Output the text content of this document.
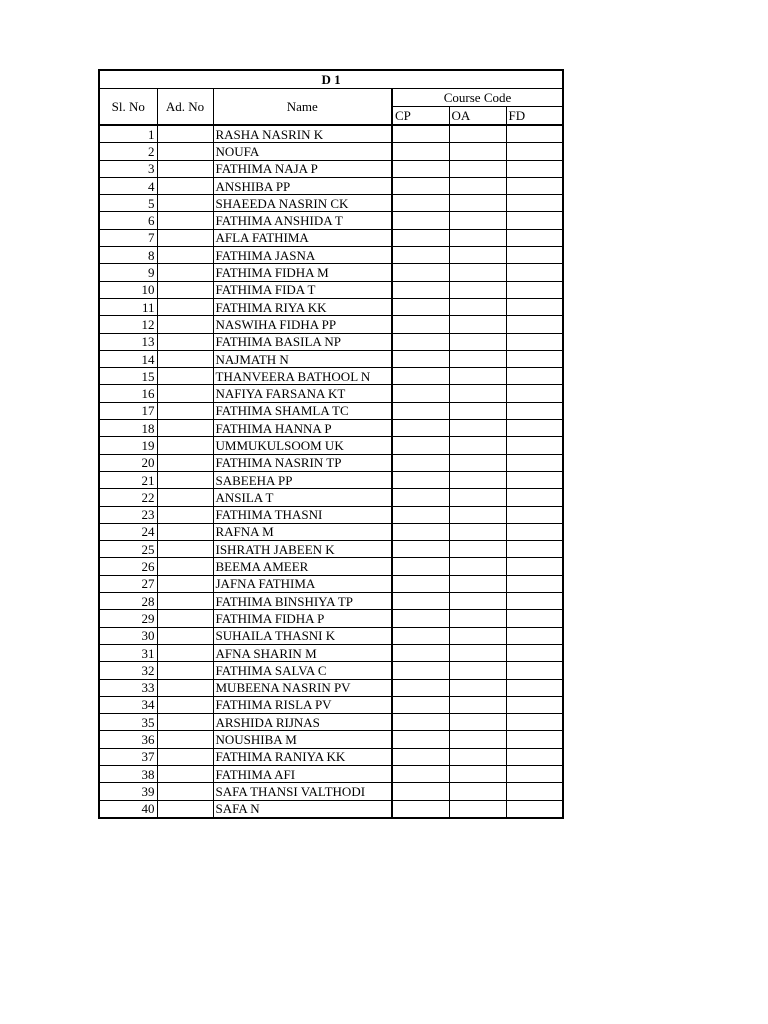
D 1					
Sl. No	Ad. No	Name	Course Code		
			CP	OA	FD
1		RASHA NASRIN K			
2		NOUFA			
3		FATHIMA NAJA P			
4		ANSHIBA PP			
5		SHAEEDA NASRIN CK			
6		FATHIMA ANSHIDA T			
7		AFLA FATHIMA			
8		FATHIMA JASNA			
9		FATHIMA FIDHA M			
10		FATHIMA FIDA T			
11		FATHIMA RIYA KK			
12		NASWIHA FIDHA PP			
13		FATHIMA BASILA NP			
14		NAJMATH N			
15		THANVEERA BATHOOL N			
16		NAFIYA FARSANA KT			
17		FATHIMA SHAMLA TC			
18		FATHIMA HANNA P			
19		UMMUKULSOOM UK			
20		FATHIMA NASRIN TP			
21		SABEEHA PP			
22		ANSILA T			
23		FATHIMA THASNI			
24		RAFNA M			
25		ISHRATH JABEEN K			
26		BEEMA AMEER			
27		JAFNA FATHIMA			
28		FATHIMA BINSHIYA TP			
29		FATHIMA FIDHA P			
30		SUHAILA THASNI K			
31		AFNA SHARIN M			
32		FATHIMA SALVA C			
33		MUBEENA NASRIN PV			
34		FATHIMA RISLA PV			
35		ARSHIDA RIJNAS			
36		NOUSHIBA M			
37		FATHIMA RANIYA KK			
38		FATHIMA AFI			
39		SAFA THANSI VALTHODI			
40		SAFA N			
